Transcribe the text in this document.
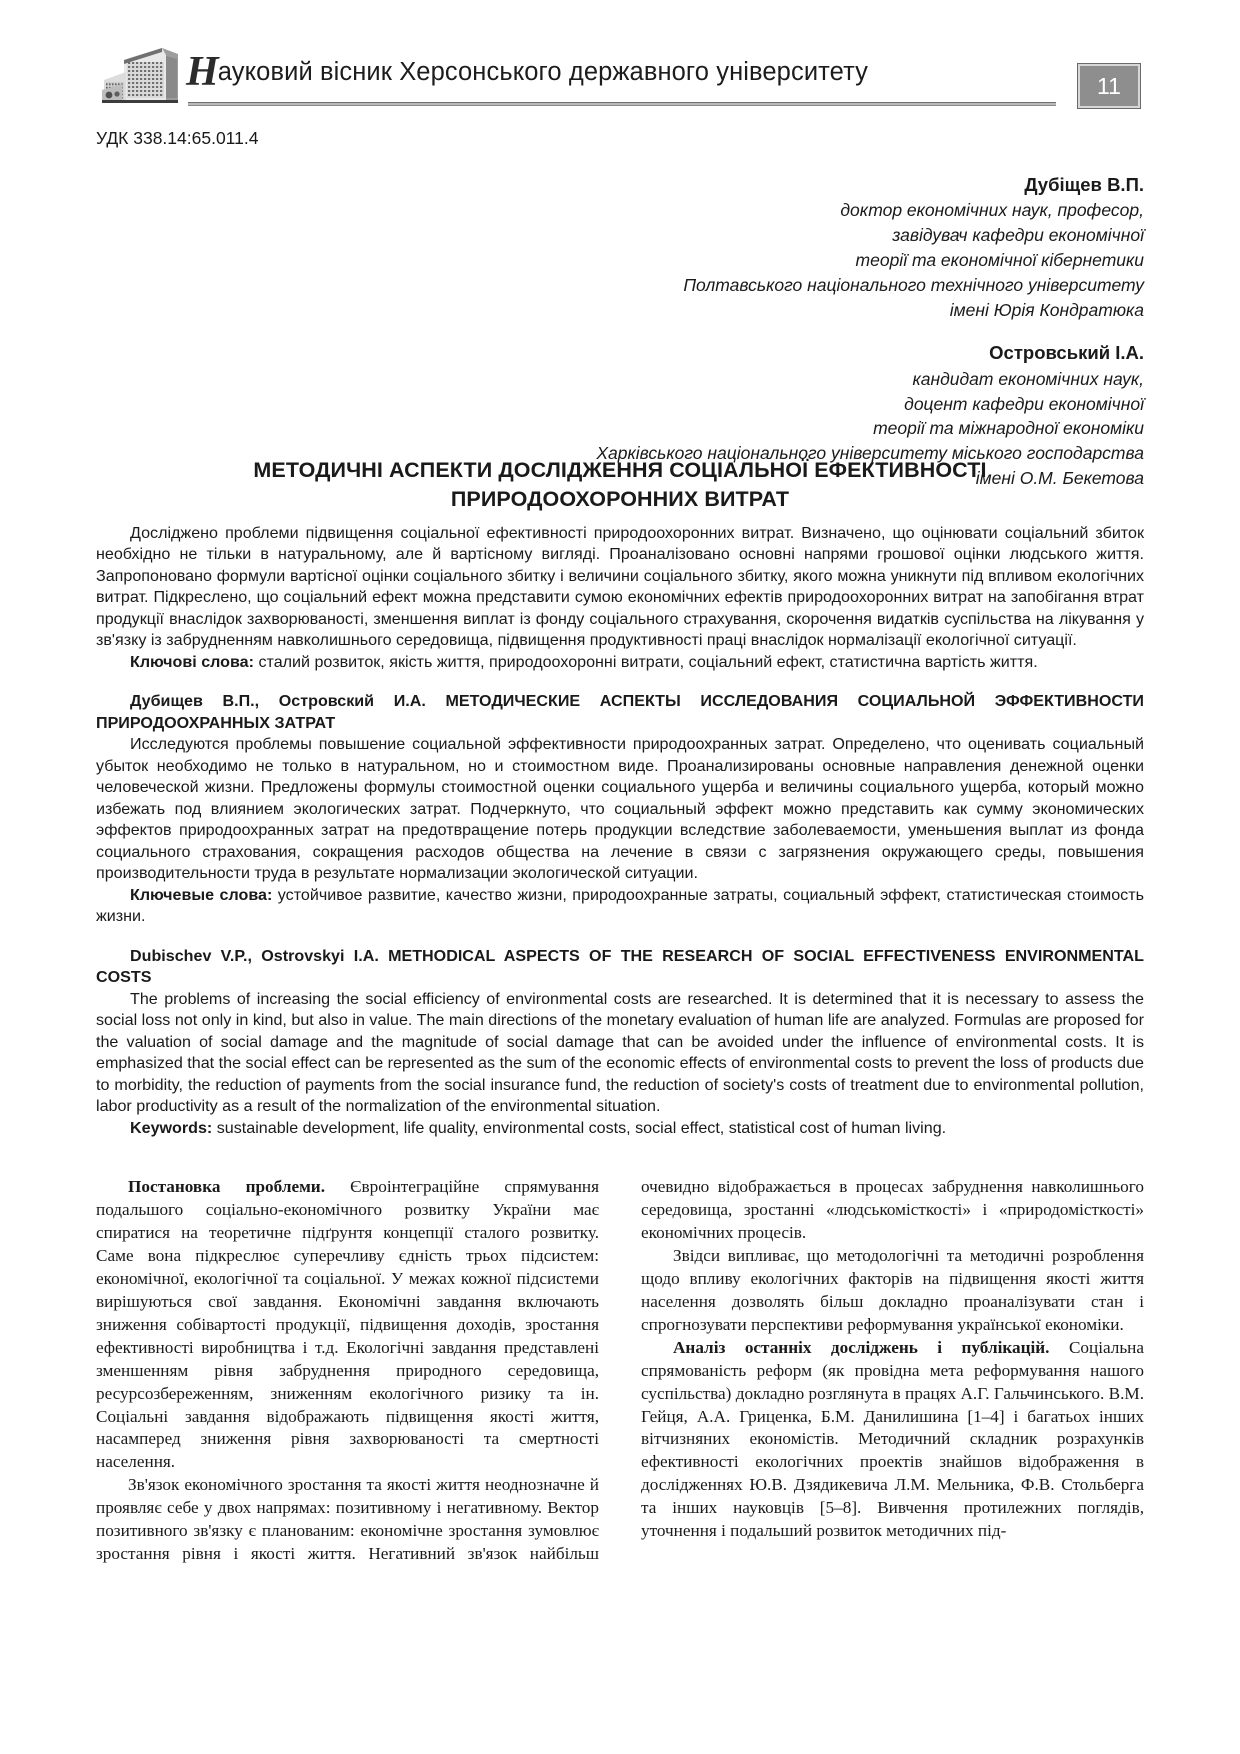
Науковий вісник Херсонського державного університету	11
УДК 338.14:65.011.4
Дубіщев В.П.
доктор економічних наук, професор,
завідувач кафедри економічної
теорії та економічної кібернетики
Полтавського національного технічного університету
імені Юрія Кондратюка
Островський І.А.
кандидат економічних наук,
доцент кафедри економічної
теорії та міжнародної економіки
Харківського національного університету міського господарства
імені О.М. Бекетова
МЕТОДИЧНІ АСПЕКТИ ДОСЛІДЖЕННЯ СОЦІАЛЬНОЇ ЕФЕКТИВНОСТІ
ПРИРОДООХОРОННИХ ВИТРАТ

Досліджено проблеми підвищення соціальної ефективності природоохоронних витрат. Визначено, що оцінювати соціальний збиток необхідно не тільки в натуральному, але й вартісному вигляді. Проаналізовано основні напрями грошової оцінки людського життя. Запропоновано формули вартісної оцінки соціального збитку і величини соціального збитку, якого можна уникнути під впливом екологічних витрат. Підкреслено, що соціальний ефект можна представити сумою економічних ефектів природоохоронних витрат на запобігання втрат продукції внаслідок захворюваності, зменшення виплат із фонду соціального страхування, скорочення видатків суспільства на лікування у зв'язку із забрудненням навколишнього середовища, підвищення продуктивності праці внаслідок нормалізації екологічної ситуації.

Ключові слова: сталий розвиток, якість життя, природоохоронні витрати, соціальний ефект, статистична вартість життя.

Дубищев В.П., Островский И.А. МЕТОДИЧЕСКИЕ АСПЕКТЫ ИССЛЕДОВАНИЯ СОЦИАЛЬНОЙ ЭФФЕКТИВНОСТИ ПРИРОДООХРАННЫХ ЗАТРАТ

Исследуются проблемы повышение социальной эффективности природоохранных затрат. Определено, что оценивать социальный убыток необходимо не только в натуральном, но и стоимостном виде. Проанализированы основные направления денежной оценки человеческой жизни. Предложены формулы стоимостной оценки социального ущерба и величины социального ущерба, который можно избежать под влиянием экологических затрат. Подчеркнуто, что социальный эффект можно представить как сумму экономических эффектов природоохранных затрат на предотвращение потерь продукции вследствие заболеваемости, уменьшения выплат из фонда социального страхования, сокращения расходов общества на лечение в связи с загрязнения окружающего среды, повышения производительности труда в результате нормализации экологической ситуации.

Ключевые слова: устойчивое развитие, качество жизни, природоохранные затраты, социальный эффект, статистическая стоимость жизни.

Dubischev V.P., Ostrovskyi I.A. METHODICAL ASPECTS OF THE RESEARCH OF SOCIAL EFFECTIVENESS ENVIRONMENTAL COSTS

The problems of increasing the social efficiency of environmental costs are researched. It is determined that it is necessary to assess the social loss not only in kind, but also in value. The main directions of the monetary evaluation of human life are analyzed. Formulas are proposed for the valuation of social damage and the magnitude of social damage that can be avoided under the influence of environmental costs. It is emphasized that the social effect can be represented as the sum of the economic effects of environmental costs to prevent the loss of products due to morbidity, the reduction of payments from the social insurance fund, the reduction of society's costs of treatment due to environmental pollution, labor productivity as a result of the normalization of the environmental situation.

Keywords: sustainable development, life quality, environmental costs, social effect, statistical cost of human living.

Постановка проблеми. Євроінтеграційне спрямування подальшого соціально-економічного розвитку України має спиратися на теоретичне підґрунтя концепції сталого розвитку. Саме вона підкреслює суперечливу єдність трьох підсистем: економічної, екологічної та соціальної. У межах кожної підсистеми вирішуються свої завдання. Економічні завдання включають зниження собівартості продукції, підвищення доходів, зростання ефективності виробництва і т.д. Екологічні завдання представлені зменшенням рівня забруднення природного середовища, ресурсозбереженням, зниженням екологічного ризику та ін. Соціальні завдання відображають підвищення якості життя, насамперед зниження рівня захворюваності та смертності населення.

Зв'язок економічного зростання та якості життя неоднозначне й проявляє себе у двох напрямах: позитивному і негативному. Вектор позитивного зв'язку є планованим: економічне зростання зумовлює зростання рівня і якості життя. Негативний зв'язок найбільш очевидно відображається в процесах забруднення навколишнього середовища, зростанні «людськомісткості» і «природомісткості» економічних процесів.

Звідси випливає, що методологічні та методичні розроблення щодо впливу екологічних факторів на підвищення якості життя населення дозволять більш докладно проаналізувати стан і спрогнозувати перспективи реформування української економіки.

Аналіз останніх досліджень і публікацій. Соціальна спрямованість реформ (як провідна мета реформування нашого суспільства) докладно розглянута в працях А.Г. Гальчинського. В.М. Гейця, А.А. Гриценка, Б.М. Данилишина [1–4] і багатьох інших вітчизняних економістів. Методичний складник розрахунків ефективності екологічних проектів знайшов відображення в дослідженнях Ю.В. Дзядикевича Л.М. Мельника, Ф.В. Стольберга та інших науковців [5–8]. Вивчення протилежних поглядів, уточнення і подальший розвиток методичних під-
